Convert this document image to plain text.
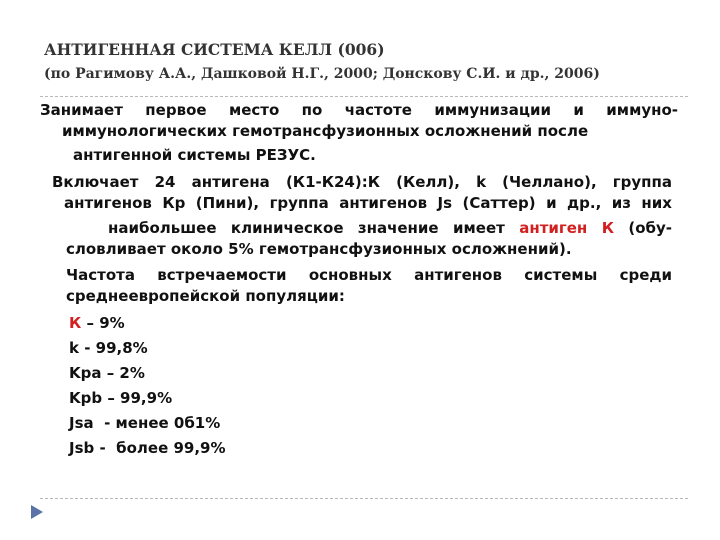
АНТИГЕННАЯ СИСТЕМА КЕЛЛ (006)

(по Рагимову А.А., Дашковой Н.Г., 2000; Донскову С.И. и др., 2006)

Занимает первое место по частоте иммунизации и иммуно-
иммунологических гемотрансфузионных осложнений после
антигенной системы РЕЗУС.
Включает 24 антигена (К1-К24):К (Келл), k (Челлано), группа
антигенов Кр (Пини), группа антигенов Js (Саттер) и др., из них
наибольшее клиническое значение имеет антиген К (обу-
словливает около 5% гемотрансфузионных осложнений).
Частота встречаемости основных антигенов системы среди
среднеевропейской популяции:
К – 9%
k - 99,8%
Kpa – 2%
Kpb – 99,9%
Jsa  - менее 0б1%
Jsb -  более 99,9%
